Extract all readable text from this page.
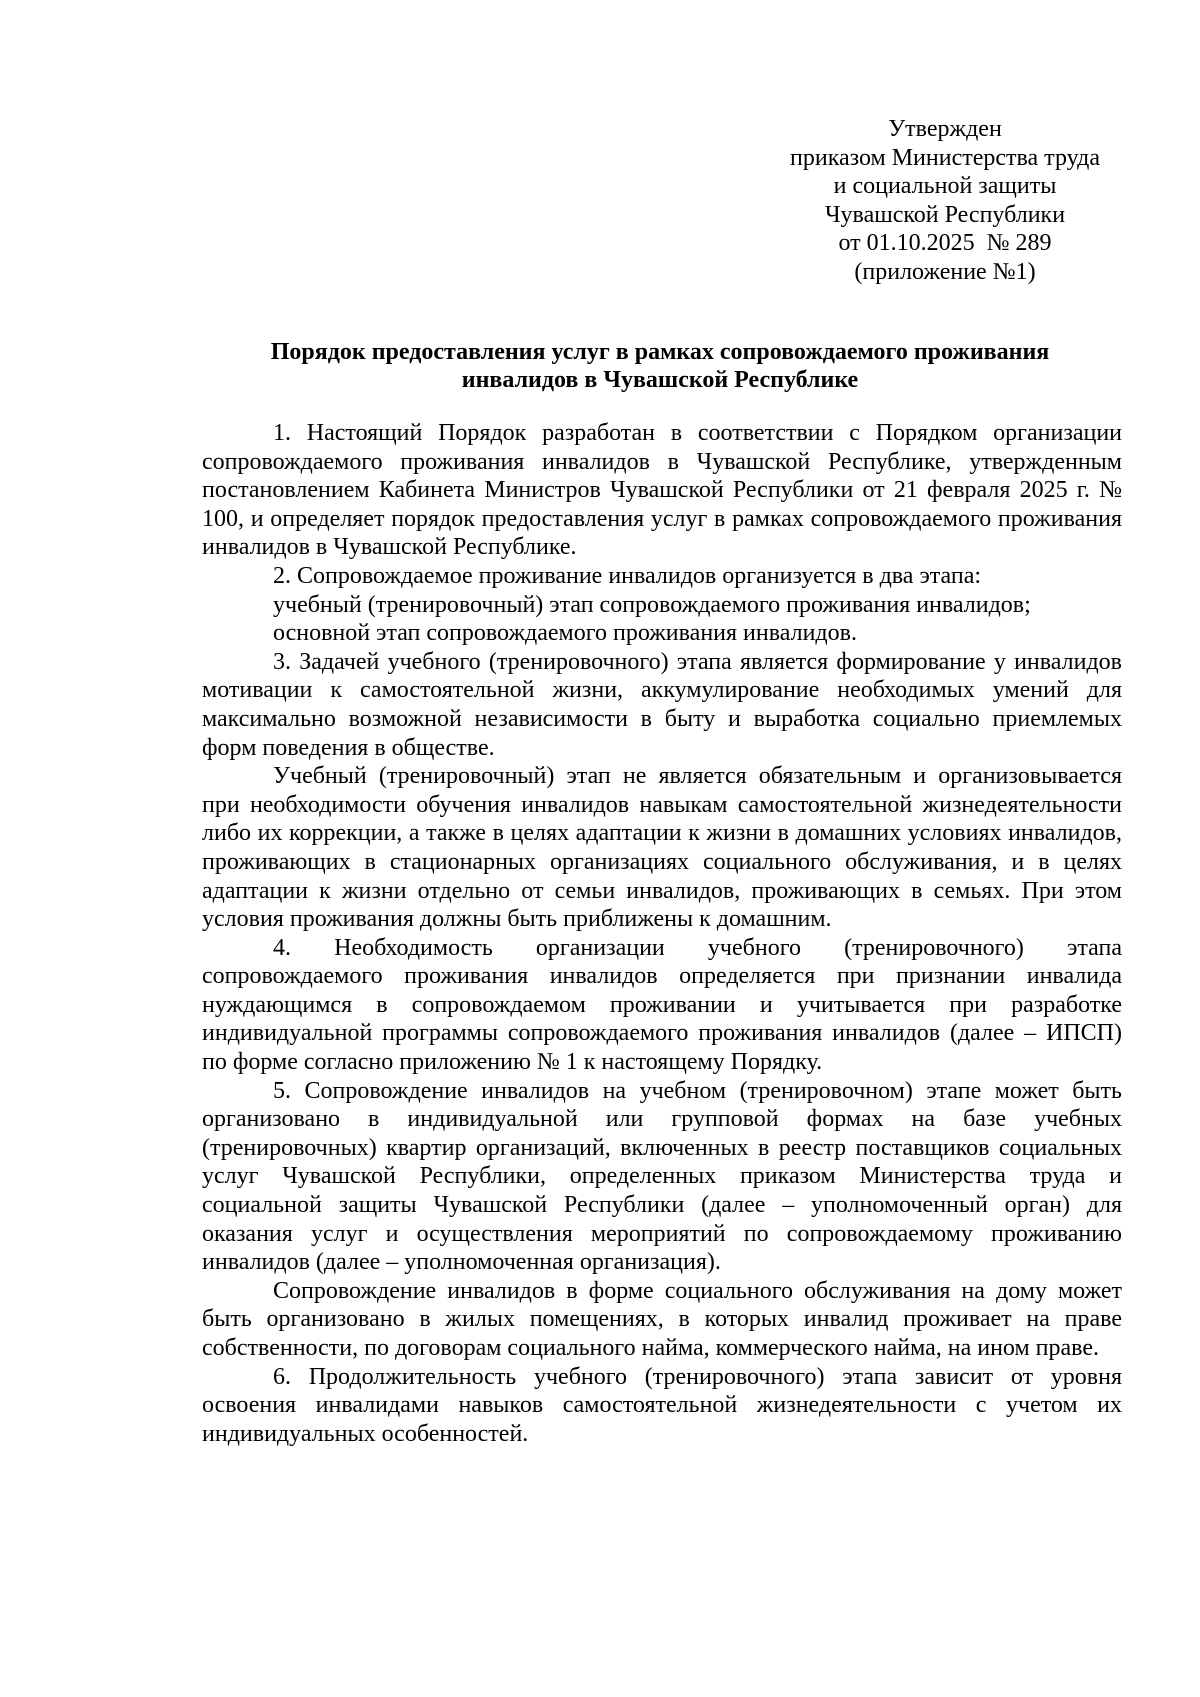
Утвержден
приказом Министерства труда
и социальной защиты
Чувашской Республики
от 01.10.2025  № 289
(приложение №1)
Порядок предоставления услуг в рамках сопровождаемого проживания
инвалидов в Чувашской Республике

1. Настоящий Порядок разработан в соответствии с Порядком организации сопровождаемого проживания инвалидов в Чувашской Республике, утвержденным постановлением Кабинета Министров Чувашской Республики от 21 февраля 2025 г. № 100, и определяет порядок предоставления услуг в рамках сопровождаемого проживания инвалидов в Чувашской Республике.

2. Сопровождаемое проживание инвалидов организуется в два этапа:

учебный (тренировочный) этап сопровождаемого проживания инвалидов;

основной этап сопровождаемого проживания инвалидов.

3. Задачей учебного (тренировочного) этапа является формирование у инвалидов мотивации к самостоятельной жизни, аккумулирование необходимых умений для максимально возможной независимости в быту и выработка социально приемлемых форм поведения в обществе.

Учебный (тренировочный) этап не является обязательным и организовывается при необходимости обучения инвалидов навыкам самостоятельной жизнедеятельности либо их коррекции, а также в целях адаптации к жизни в домашних условиях инвалидов, проживающих в стационарных организациях социального обслуживания, и в целях адаптации к жизни отдельно от семьи инвалидов, проживающих в семьях. При этом условия проживания должны быть приближены к домашним.

4. Необходимость организации учебного (тренировочного) этапа сопровождаемого проживания инвалидов определяется при признании инвалида нуждающимся в сопровождаемом проживании и учитывается при разработке индивидуальной программы сопровождаемого проживания инвалидов (далее – ИПСП) по форме согласно приложению № 1 к настоящему Порядку.

5. Сопровождение инвалидов на учебном (тренировочном) этапе может быть организовано в индивидуальной или групповой формах на базе учебных (тренировочных) квартир организаций, включенных в реестр поставщиков социальных услуг Чувашской Республики, определенных приказом Министерства труда и социальной защиты Чувашской Республики (далее – уполномоченный орган) для оказания услуг и осуществления мероприятий по сопровождаемому проживанию инвалидов (далее – уполномоченная организация).

Сопровождение инвалидов в форме социального обслуживания на дому может быть организовано в жилых помещениях, в которых инвалид проживает на праве собственности, по договорам социального найма, коммерческого найма, на ином праве.

6. Продолжительность учебного (тренировочного) этапа зависит от уровня освоения инвалидами навыков самостоятельной жизнедеятельности с учетом их индивидуальных особенностей.
